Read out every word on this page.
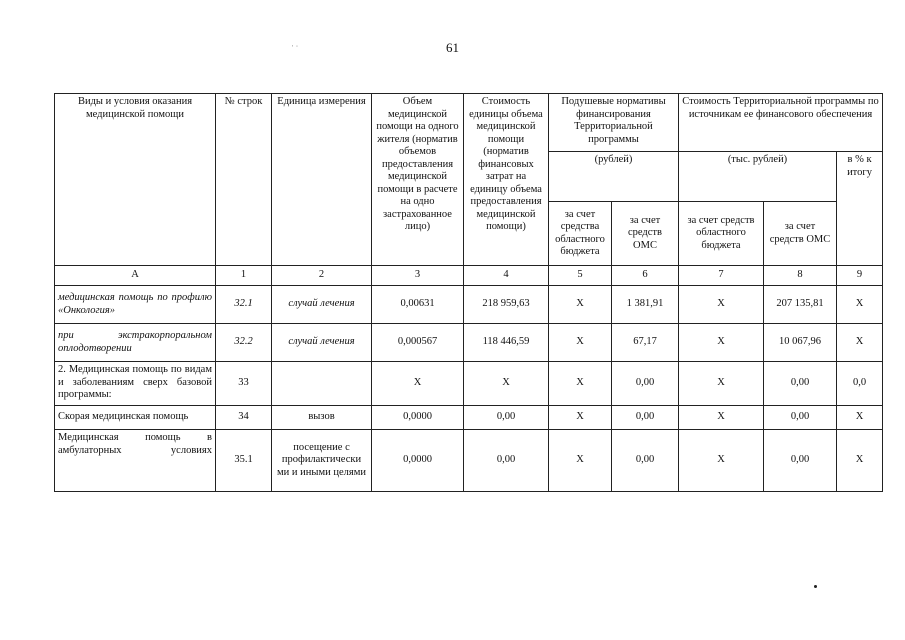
61
ˈ ˙
Виды и условия оказания медицинской помощи	№ строк	Единица измерения	Объем медицинской помощи на одного жителя (норматив объемов предоставления медицинской помощи в расчете на одно застрахованное лицо)	Стоимость единицы объема медицинской помощи (норматив финансовых затрат на единицу объема предоставления медицинской помощи)	Подушевые нормативы финансирования Территориальной программы		Стоимость Территориальной программы по источникам ее финансового обеспечения		
					(рублей)		(тыс. рублей)		в % к итогу
					за счет средства областного бюджета	за счет средств ОМС	за счет средств областного бюджета	за счет средств ОМС	
А	1	2	3	4	5	6	7	8	9
медицинская помощь по профилю «Онкология»	32.1	случай лечения	0,00631	218 959,63	Х	1 381,91	Х	207 135,81	Х
при экстракорпоральном оплодотворении	32.2	случай лечения	0,000567	118 446,59	Х	67,17	Х	10 067,96	Х
2. Медицинская помощь по видам и заболеваниям сверх базовой программы:	33		Х	Х	Х	0,00	Х	0,00	0,0
Скорая медицинская помощь	34	вызов	0,0000	0,00	Х	0,00	Х	0,00	Х
Медицинская помощь в амбулаторных условиях	35.1	посещение с профилактически ми и иными целями	0,0000	0,00	Х	0,00	Х	0,00	Х
